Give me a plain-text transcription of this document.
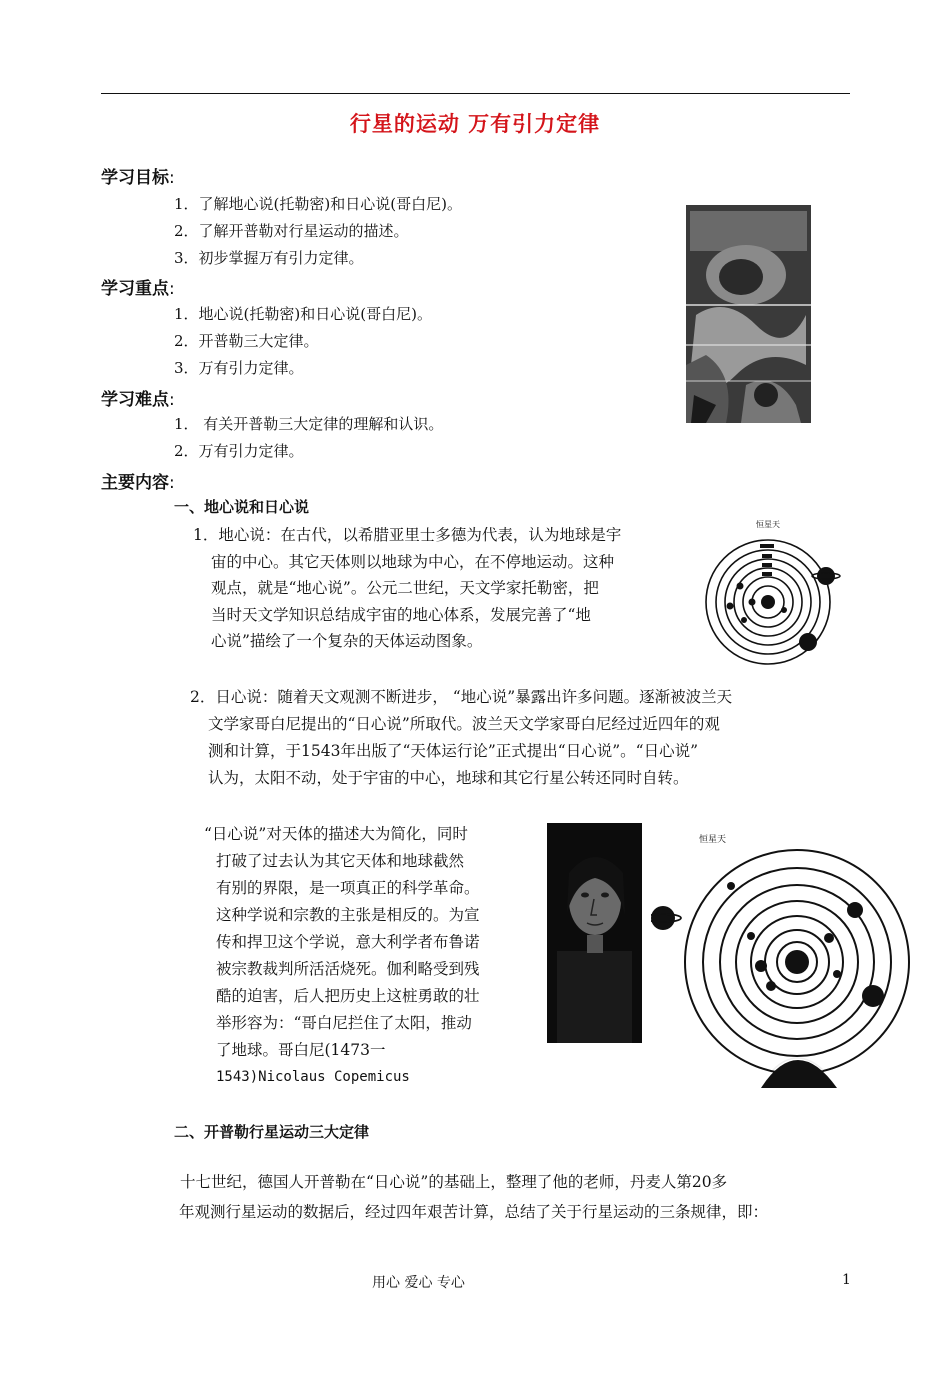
行星的运动 万有引力定律
学习目标:
1．了解地心说(托勒密)和日心说(哥白尼)。
2．了解开普勒对行星运动的描述。
3．初步掌握万有引力定律。
学习重点:
1．地心说(托勒密)和日心说(哥白尼)。
2．开普勒三大定律。
3．万有引力定律。
学习难点:
1． 有关开普勒三大定律的理解和认识。
2．万有引力定律。
主要内容:
一、地心说和日心说
1．地心说：在古代，以希腊亚里士多德为代表，认为地球是宇
宙的中心。其它天体则以地球为中心，在不停地运动。这种
观点，就是“地心说”。公元二世纪，天文学家托勒密，把
当时天文学知识总结成宇宙的地心体系，发展完善了“地
心说”描绘了一个复杂的天体运动图象。
2．日心说：随着天文观测不断进步， “地心说”暴露出许多问题。逐渐被波兰天
文学家哥白尼提出的“日心说”所取代。波兰天文学家哥白尼经过近四年的观
测和计算，于1543年出版了“天体运行论”正式提出“日心说”。“日心说”
认为，太阳不动，处于宇宙的中心，地球和其它行星公转还同时自转。
“日心说”对天体的描述大为简化，同时
打破了过去认为其它天体和地球截然
有别的界限，是一项真正的科学革命。
这种学说和宗教的主张是相反的。为宣
传和捍卫这个学说，意大利学者布鲁诺
被宗教裁判所活活烧死。伽利略受到残
酷的迫害，后人把历史上这桩勇敢的壮
举形容为：“哥白尼拦住了太阳，推动
了地球。哥白尼(1473一
1543)Nicolaus Copemicus
二、开普勒行星运动三大定律
十七世纪，德国人开普勒在“日心说”的基础上，整理了他的老师，丹麦人第20多
年观测行星运动的数据后，经过四年艰苦计算，总结了关于行星运动的三条规律，即：
用心 爱心 专心	1
恒星天
恒星天
